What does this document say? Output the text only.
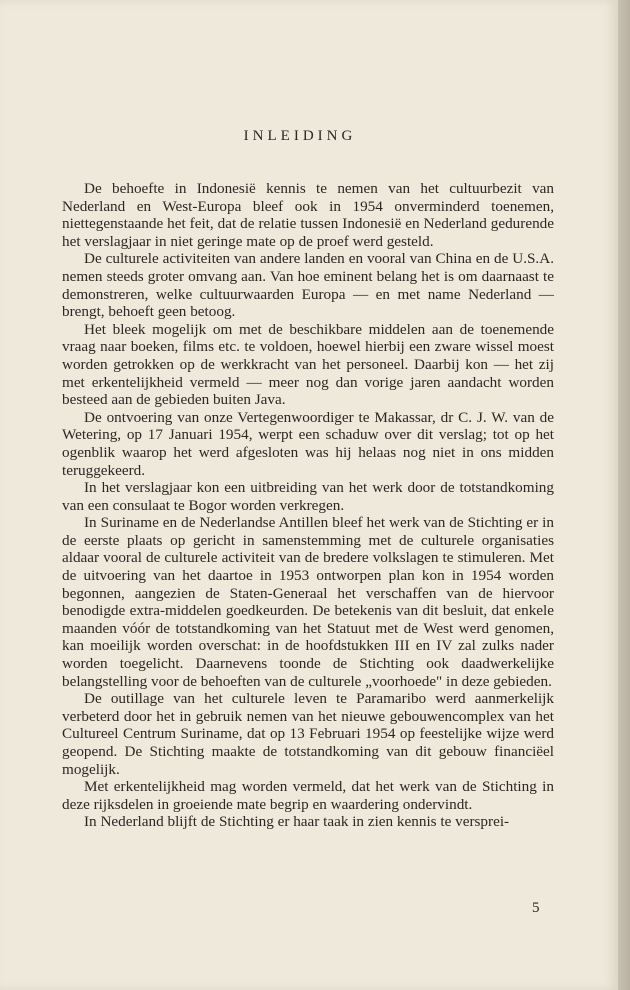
INLEIDING

De behoefte in Indonesië kennis te nemen van het cultuurbezit van Nederland en West-Europa bleef ook in 1954 onverminderd toenemen, niettegenstaande het feit, dat de relatie tussen Indonesië en Nederland gedurende het verslagjaar in niet geringe mate op de proef werd gesteld.

De culturele activiteiten van andere landen en vooral van China en de U.S.A. nemen steeds groter omvang aan. Van hoe eminent belang het is om daarnaast te demonstreren, welke cultuurwaarden Europa — en met name Nederland — brengt, behoeft geen betoog.

Het bleek mogelijk om met de beschikbare middelen aan de toenemende vraag naar boeken, films etc. te voldoen, hoewel hierbij een zware wissel moest worden getrokken op de werkkracht van het personeel. Daarbij kon — het zij met erkentelijkheid vermeld — meer nog dan vorige jaren aandacht worden besteed aan de gebieden buiten Java.

De ontvoering van onze Vertegenwoordiger te Makassar, dr C. J. W. van de Wetering, op 17 Januari 1954, werpt een schaduw over dit verslag; tot op het ogenblik waarop het werd afgesloten was hij helaas nog niet in ons midden teruggekeerd.

In het verslagjaar kon een uitbreiding van het werk door de totstandkoming van een consulaat te Bogor worden verkregen.

In Suriname en de Nederlandse Antillen bleef het werk van de Stichting er in de eerste plaats op gericht in samenstemming met de culturele organisaties aldaar vooral de culturele activiteit van de bredere volkslagen te stimuleren. Met de uitvoering van het daartoe in 1953 ontworpen plan kon in 1954 worden begonnen, aangezien de Staten-Generaal het verschaffen van de hiervoor benodigde extra-middelen goedkeurden. De betekenis van dit besluit, dat enkele maanden vóór de totstandkoming van het Statuut met de West werd genomen, kan moeilijk worden overschat: in de hoofdstukken III en IV zal zulks nader worden toegelicht. Daarnevens toonde de Stichting ook daadwerkelijke belangstelling voor de behoeften van de culturele „voorhoede" in deze gebieden.

De outillage van het culturele leven te Paramaribo werd aanmerkelijk verbeterd door het in gebruik nemen van het nieuwe gebouwencomplex van het Cultureel Centrum Suriname, dat op 13 Februari 1954 op feestelijke wijze werd geopend. De Stichting maakte de totstandkoming van dit gebouw financiëel mogelijk.

Met erkentelijkheid mag worden vermeld, dat het werk van de Stichting in deze rijksdelen in groeiende mate begrip en waardering ondervindt.

In Nederland blijft de Stichting er haar taak in zien kennis te versprei-

5
